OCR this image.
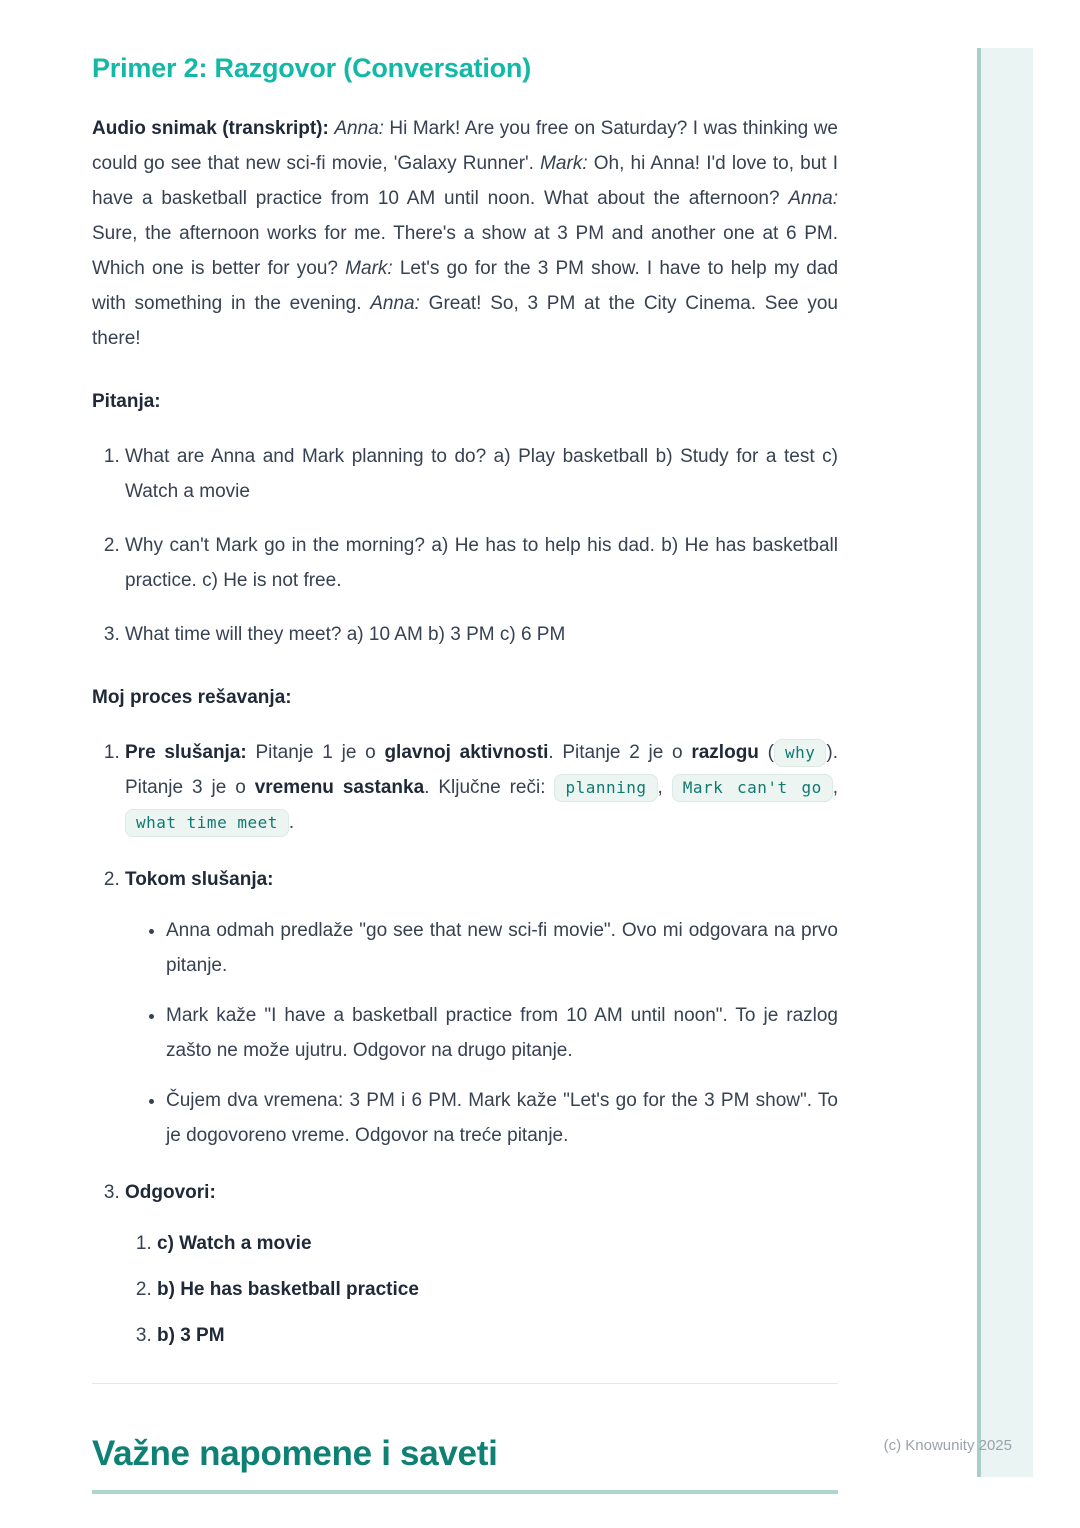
Primer 2: Razgovor (Conversation)

Audio snimak (transkript): Anna: Hi Mark! Are you free on Saturday? I was thinking we could go see that new sci-fi movie, 'Galaxy Runner'. Mark: Oh, hi Anna! I'd love to, but I have a basketball practice from 10 AM until noon. What about the afternoon? Anna: Sure, the afternoon works for me. There's a show at 3 PM and another one at 6 PM. Which one is better for you? Mark: Let's go for the 3 PM show. I have to help my dad with something in the evening. Anna: Great! So, 3 PM at the City Cinema. See you there!

Pitanja:

1. What are Anna and Mark planning to do? a) Play basketball b) Study for a test c) Watch a movie
2. Why can't Mark go in the morning? a) He has to help his dad. b) He has basketball practice. c) He is not free.
3. What time will they meet? a) 10 AM b) 3 PM c) 6 PM

Moj proces rešavanja:

1. Pre slušanja: Pitanje 1 je o glavnoj aktivnosti. Pitanje 2 je o razlogu ( why ). Pitanje 3 je o vremenu sastanka. Ključne reči: planning , Mark can't go , what time meet .
2. Tokom slušanja:
• Anna odmah predlaže "go see that new sci-fi movie". Ovo mi odgovara na prvo pitanje.
• Mark kaže "I have a basketball practice from 10 AM until noon". To je razlog zašto ne može ujutru. Odgovor na drugo pitanje.
• Čujem dva vremena: 3 PM i 6 PM. Mark kaže "Let's go for the 3 PM show". To je dogovoreno vreme. Odgovor na treće pitanje.
3. Odgovori:
1. c) Watch a movie
2. b) He has basketball practice
3. b) 3 PM
Važne napomene i saveti	(c) Knowunity 2025
